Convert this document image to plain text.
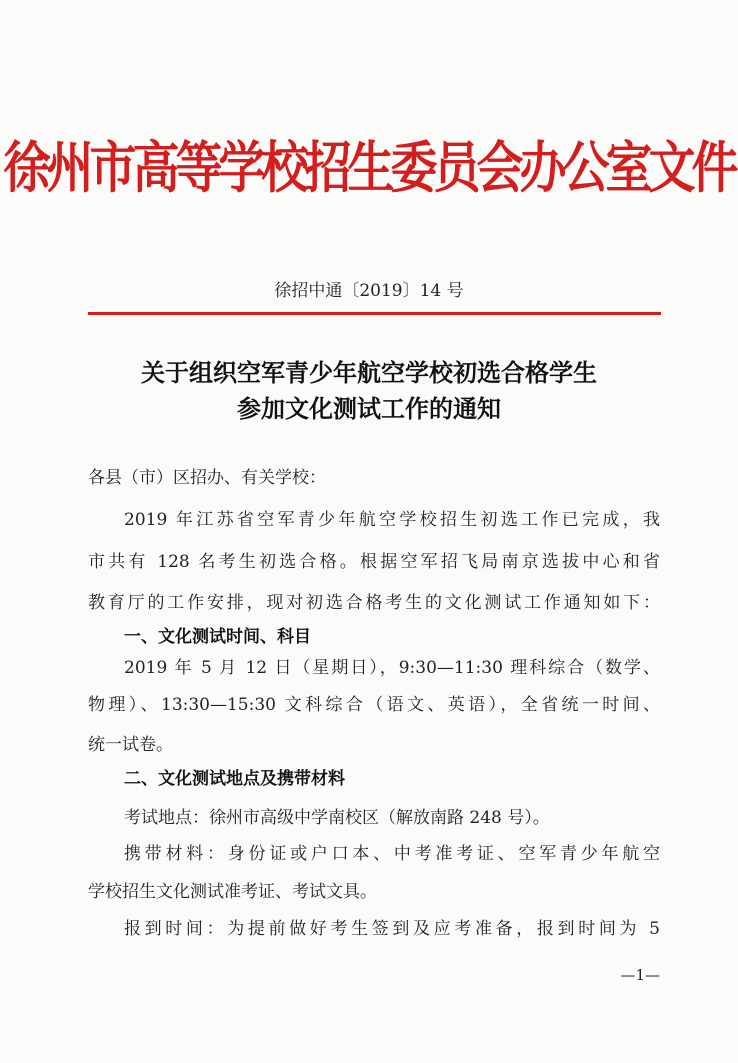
徐州市高等学校招生委员会办公室文件
徐招中通〔2019〕14 号
关于组织空军青少年航空学校初选合格学生
参加文化测试工作的通知
各县（市）区招办、有关学校：
2019 年江苏省空军青少年航空学校招生初选工作已完成，我
市共有 128 名考生初选合格。根据空军招飞局南京选拔中心和省
教育厅的工作安排，现对初选合格考生的文化测试工作通知如下：
一、文化测试时间、科目
2019 年 5 月 12 日（星期日），9:30—11:30 理科综合（数学、
物理）、13:30—15:30 文科综合（语文、英语），全省统一时间、
统一试卷。
二、文化测试地点及携带材料
考试地点：徐州市高级中学南校区（解放南路 248 号）。
携带材料：身份证或户口本、中考准考证、空军青少年航空
学校招生文化测试准考证、考试文具。
报到时间：为提前做好考生签到及应考准备，报到时间为 5
—1—
